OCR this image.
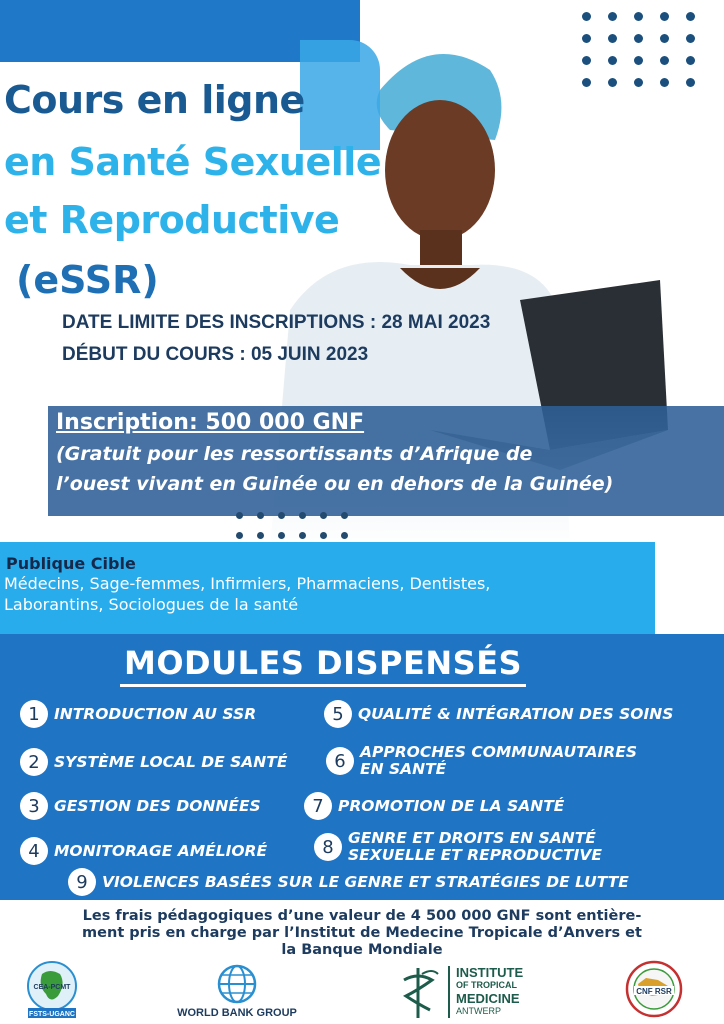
Cours en ligne
en Santé Sexuelle
et Reproductive
(eSSR)
DATE LIMITE DES INSCRIPTIONS : 28 MAI 2023
DÉBUT DU COURS : 05 JUIN 2023
Inscription: 500 000 GNF
(Gratuit pour les ressortissants d’Afrique de
l’ouest vivant en Guinée ou en dehors de la Guinée)
Publique Cible
Médecins, Sage-femmes, Infirmiers, Pharmaciens, Dentistes,
Laborantins, Sociologues de la santé
MODULES DISPENSÉS
1 INTRODUCTION AU SSR
2 SYSTÈME LOCAL DE SANTÉ
3 GESTION DES DONNÉES
4 MONITORAGE AMÉLIORÉ
5 QUALITÉ & INTÉGRATION DES SOINS
6 APPROCHES COMMUNAUTAIRES
EN SANTÉ
7 PROMOTION DE LA SANTÉ
8 GENRE ET DROITS EN SANTÉ
SEXUELLE ET REPRODUCTIVE
9 VIOLENCES BASÉES SUR LE GENRE ET STRATÉGIES DE LUTTE
Les frais pédagogiques d’une valeur de 4 500 000 GNF sont entière-
ment pris en charge par l’Institut de Medecine Tropicale d’Anvers et
la Banque Mondiale
CEA-PCMT
FSTS-UGANC	WORLD BANK GROUP
INSTITUTE
OF TROPICAL
MEDICINE
ANTWERP
CNF RSR
